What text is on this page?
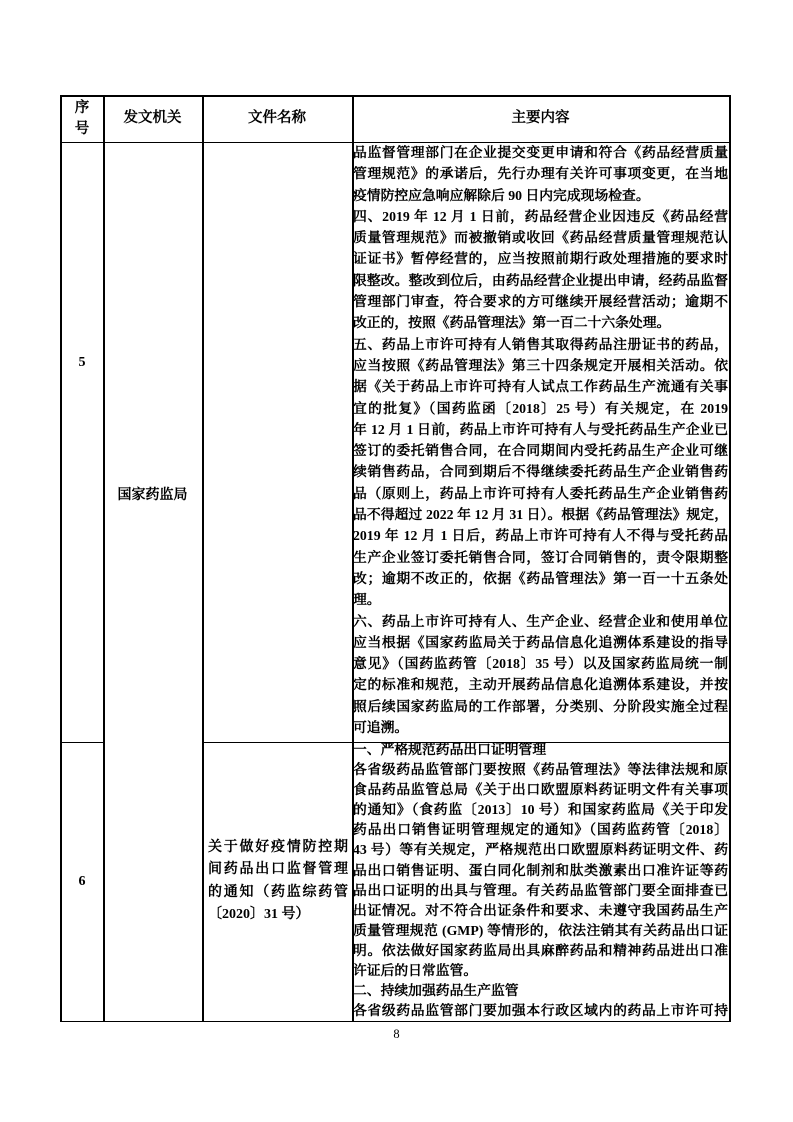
序号
发文机关	文件名称	主要内容
5
国家药监局
品监督管理部门在企业提交变更申请和符合《药品经营质量
管理规范》的承诺后，先行办理有关许可事项变更，在当地
疫情防控应急响应解除后 90 日内完成现场检查。
四、2019 年 12 月 1 日前，药品经营企业因违反《药品经营
质量管理规范》而被撤销或收回《药品经营质量管理规范认
证证书》暂停经营的，应当按照前期行政处理措施的要求时
限整改。整改到位后，由药品经营企业提出申请，经药品监督
管理部门审查，符合要求的方可继续开展经营活动；逾期不
改正的，按照《药品管理法》第一百二十六条处理。
五、药品上市许可持有人销售其取得药品注册证书的药品，
应当按照《药品管理法》第三十四条规定开展相关活动。依
据《关于药品上市许可持有人试点工作药品生产流通有关事
宜的批复》（国药监函〔2018〕25 号）有关规定，在 2019
年 12 月 1 日前，药品上市许可持有人与受托药品生产企业已
签订的委托销售合同，在合同期间内受托药品生产企业可继
续销售药品，合同到期后不得继续委托药品生产企业销售药
品（原则上，药品上市许可持有人委托药品生产企业销售药
品不得超过 2022 年 12 月 31 日）。根据《药品管理法》规定，
2019 年 12 月 1 日后，药品上市许可持有人不得与受托药品
生产企业签订委托销售合同，签订合同销售的，责令限期整
改；逾期不改正的，依据《药品管理法》第一百一十五条处
理。
六、药品上市许可持有人、生产企业、经营企业和使用单位
应当根据《国家药监局关于药品信息化追溯体系建设的指导
意见》（国药监药管〔2018〕35 号）以及国家药监局统一制
定的标准和规范，主动开展药品信息化追溯体系建设，并按
照后续国家药监局的工作部署，分类别、分阶段实施全过程
可追溯。
6
关于做好疫情防控期
间药品出口监督管理
的通知（药监综药管
〔2020〕31 号）
一、严格规范药品出口证明管理
各省级药品监管部门要按照《药品管理法》等法律法规和原
食品药品监管总局《关于出口欧盟原料药证明文件有关事项
的通知》（食药监〔2013〕10 号）和国家药监局《关于印发
药品出口销售证明管理规定的通知》（国药监药管〔2018〕
43 号）等有关规定，严格规范出口欧盟原料药证明文件、药
品出口销售证明、蛋白同化制剂和肽类激素出口准许证等药
品出口证明的出具与管理。有关药品监管部门要全面排查已
出证情况。对不符合出证条件和要求、未遵守我国药品生产
质量管理规范 (GMP) 等情形的，依法注销其有关药品出口证
明。依法做好国家药监局出具麻醉药品和精神药品进出口准
许证后的日常监管。
二、持续加强药品生产监管
各省级药品监管部门要加强本行政区域内的药品上市许可持
8
